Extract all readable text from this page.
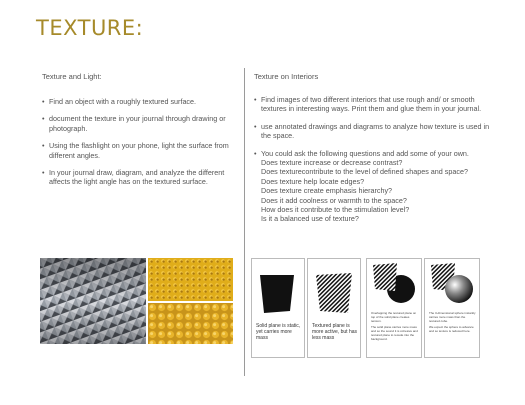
TEXTURE:
Texture and Light:
• Find an object with a roughly textured surface.
• document the texture in your journal through drawing or photograph.
• Using the flashlight on your phone, light the surface from different angles.
• In your journal draw, diagram, and analyze the different affects the light angle has on the textured surface.
Texture on Interiors
• Find images of two different interiors that use rough and/ or smooth textures in interesting ways. Print them and glue them in your journal.
• use annotated drawings and diagrams to analyze how texture is used in the space.
• You could ask the following questions and add some of your own.
Does texture increase or decrease contrast?
Does texturecontribute to the level of defined shapes and space?
Does texture help locate edges?
Does texture create emphasis hierarchy?
Does it add coolness or warmth to the space?
How does it contribute to the stimulation level?
Is it a balanced use of texture?
Solid plane is static, yet carries more mass
Textured plane is more active, but has less mass
Overlapping the textured plane on top of the solid plane creates tension.
The solid plane carries more mass and so the sound it is cohesive and textured plane to recede into the background.
The 3-dimensional sphere instantly carries more mass than the textured cube.
We expect the sphere to advance and so texture is reduced here.
